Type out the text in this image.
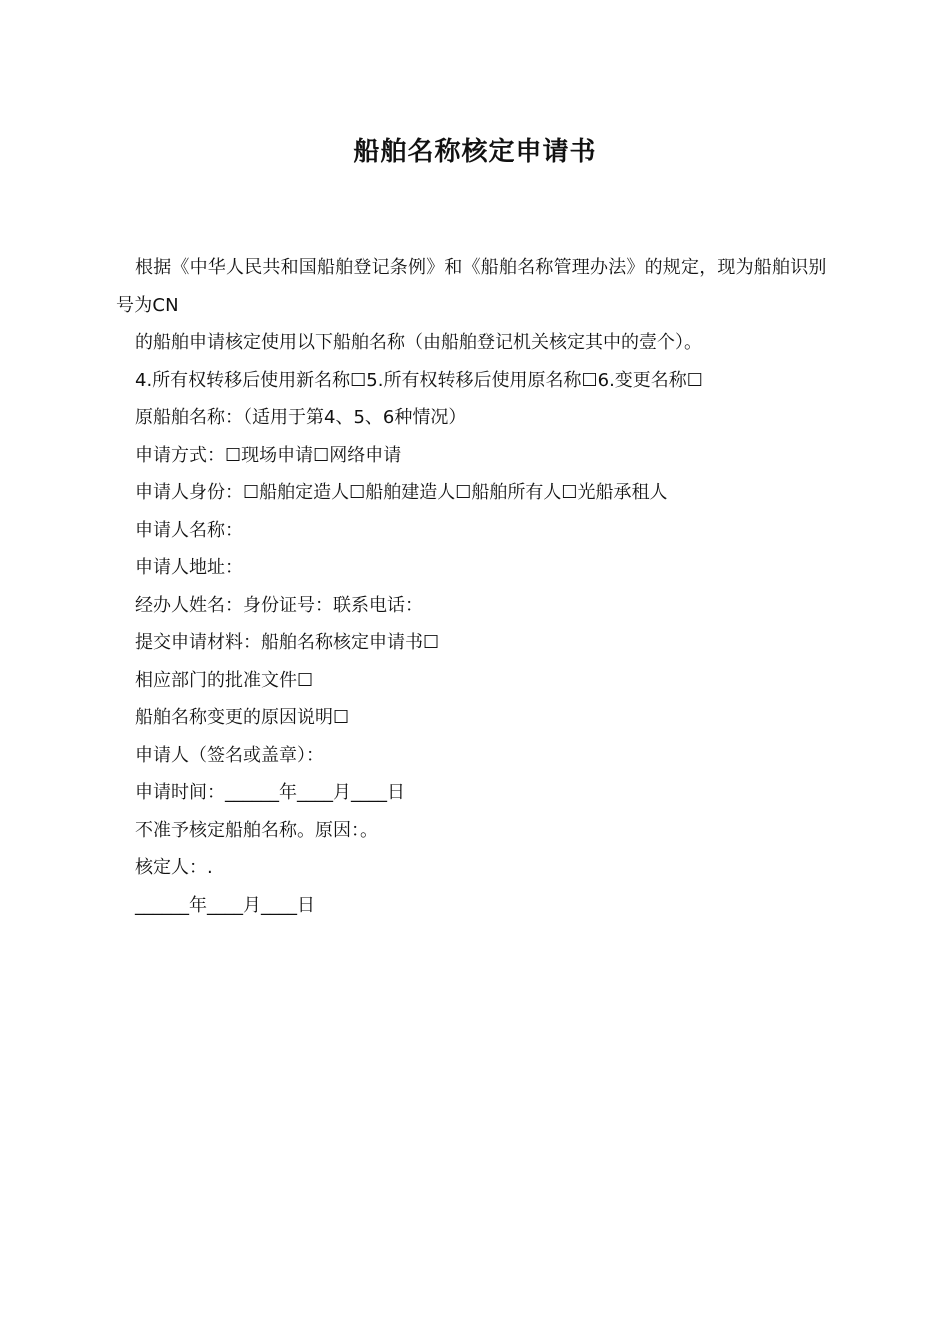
船舶名称核定申请书

根据《中华人民共和国船舶登记条例》和《船舶名称管理办法》的规定，现为船舶识别号为CN

的船舶申请核定使用以下船舶名称（由船舶登记机关核定其中的壹个）。

4.所有权转移后使用新名称☐5.所有权转移后使用原名称☐6.变更名称☐

原船舶名称：（适用于第4、5、6种情况）

申请方式：☐现场申请☐网络申请

申请人身份：☐船舶定造人☐船舶建造人☐船舶所有人☐光船承租人

申请人名称：

申请人地址：

经办人姓名：身份证号：联系电话：

提交申请材料：船舶名称核定申请书☐

相应部门的批准文件☐

船舶名称变更的原因说明☐

申请人（签名或盖章）：

申请时间：______年____月____日

不准予核定船舶名称。原因：。

核定人：.

______年____月____日
